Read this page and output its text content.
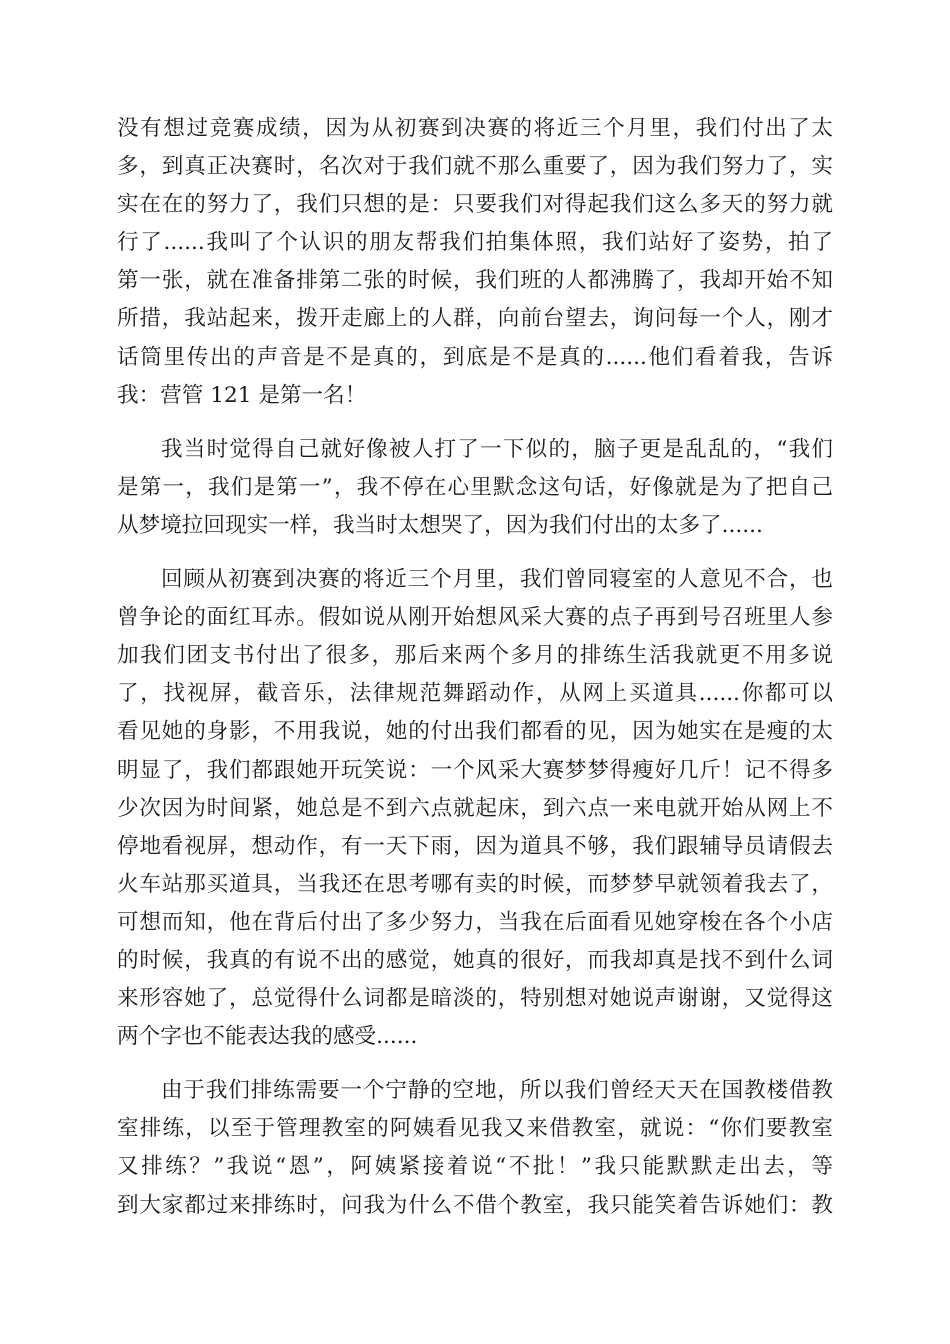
没有想过竞赛成绩，因为从初赛到决赛的将近三个月里，我们付出了太
多，到真正决赛时，名次对于我们就不那么重要了，因为我们努力了，实
实在在的努力了，我们只想的是：只要我们对得起我们这么多天的努力就
行了......我叫了个认识的朋友帮我们拍集体照，我们站好了姿势，拍了
第一张，就在准备排第二张的时候，我们班的人都沸腾了，我却开始不知
所措，我站起来，拨开走廊上的人群，向前台望去，询问每一个人，刚才
话筒里传出的声音是不是真的，到底是不是真的......他们看着我，告诉
我：营管 121 是第一名！
我当时觉得自己就好像被人打了一下似的，脑子更是乱乱的，“我们
是第一，我们是第一”，我不停在心里默念这句话，好像就是为了把自己
从梦境拉回现实一样，我当时太想哭了，因为我们付出的太多了......
回顾从初赛到决赛的将近三个月里，我们曾同寝室的人意见不合，也
曾争论的面红耳赤。假如说从刚开始想风采大赛的点子再到号召班里人参
加我们团支书付出了很多，那后来两个多月的排练生活我就更不用多说
了，找视屏，截音乐，法律规范舞蹈动作，从网上买道具......你都可以
看见她的身影，不用我说，她的付出我们都看的见，因为她实在是瘦的太
明显了，我们都跟她开玩笑说：一个风采大赛梦梦得瘦好几斤！记不得多
少次因为时间紧，她总是不到六点就起床，到六点一来电就开始从网上不
停地看视屏，想动作，有一天下雨，因为道具不够，我们跟辅导员请假去
火车站那买道具，当我还在思考哪有卖的时候，而梦梦早就领着我去了，
可想而知，他在背后付出了多少努力，当我在后面看见她穿梭在各个小店
的时候，我真的有说不出的感觉，她真的很好，而我却真是找不到什么词
来形容她了，总觉得什么词都是暗淡的，特别想对她说声谢谢，又觉得这
两个字也不能表达我的感受......
由于我们排练需要一个宁静的空地，所以我们曾经天天在国教楼借教
室排练，以至于管理教室的阿姨看见我又来借教室，就说：“你们要教室
又排练？”我说“恩”，阿姨紧接着说“不批！”我只能默默走出去，等
到大家都过来排练时，问我为什么不借个教室，我只能笑着告诉她们：教
